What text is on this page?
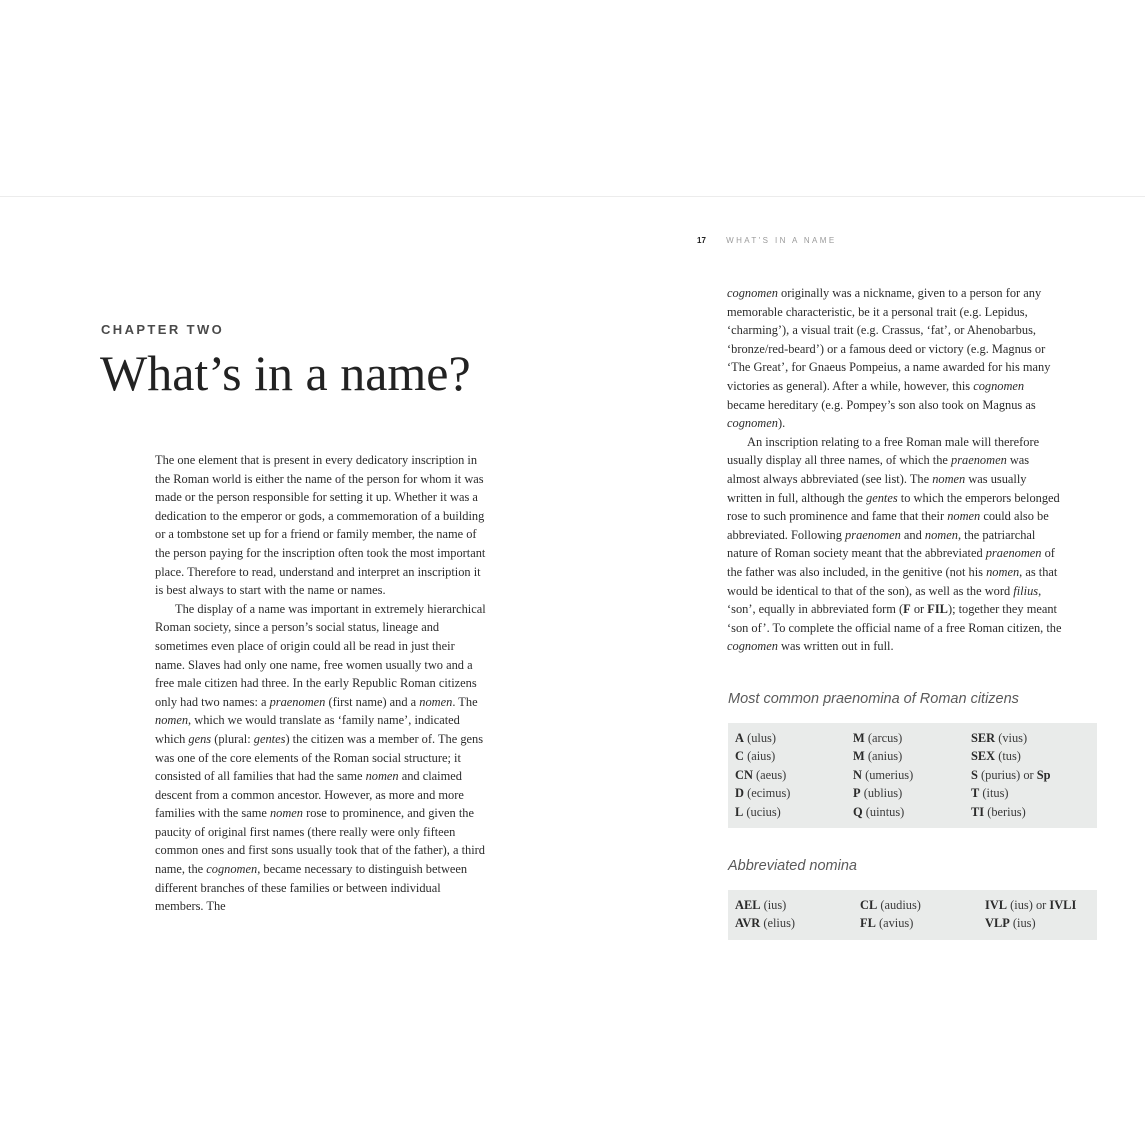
17	WHAT'S IN A NAME
CHAPTER TWO
What’s in a name?

The one element that is present in every dedicatory inscription in the Roman world is either the name of the person for whom it was made or the person responsible for setting it up. Whether it was a dedication to the emperor or gods, a commemoration of a building or a tombstone set up for a friend or family member, the name of the person paying for the inscription often took the most important place. Therefore to read, understand and interpret an inscription it is best always to start with the name or names.

The display of a name was important in extremely hierarchical Roman society, since a person’s social status, lineage and sometimes even place of origin could all be read in just their name. Slaves had only one name, free women usually two and a free male citizen had three. In the early Republic Roman citizens only had two names: a praenomen (first name) and a nomen. The nomen, which we would translate as ‘family name’, indicated which gens (plural: gentes) the citizen was a member of. The gens was one of the core elements of the Roman social structure; it consisted of all families that had the same nomen and claimed descent from a common ancestor. However, as more and more families with the same nomen rose to prominence, and given the paucity of original first names (there really were only fifteen common ones and first sons usually took that of the father), a third name, the cognomen, became necessary to distinguish between different branches of these families or between individual members. The

cognomen originally was a nickname, given to a person for any memorable characteristic, be it a personal trait (e.g. Lepidus, ‘charming’), a visual trait (e.g. Crassus, ‘fat’, or Ahenobarbus, ‘bronze/red-beard’) or a famous deed or victory (e.g. Magnus or ‘The Great’, for Gnaeus Pompeius, a name awarded for his many victories as general). After a while, however, this cognomen became hereditary (e.g. Pompey’s son also took on Magnus as cognomen).

An inscription relating to a free Roman male will therefore usually display all three names, of which the praenomen was almost always abbreviated (see list). The nomen was usually written in full, although the gentes to which the emperors belonged rose to such prominence and fame that their nomen could also be abbreviated. Following praenomen and nomen, the patriarchal nature of Roman society meant that the abbreviated praenomen of the father was also included, in the genitive (not his nomen, as that would be identical to that of the son), as well as the word filius, ‘son’, equally in abbreviated form (F or FIL); together they meant ‘son of’. To complete the official name of a free Roman citizen, the cognomen was written out in full.

Most common praenomina of Roman citizens
A (ulus)	M (arcus)	SER (vius)
C (aius)	M (anius)	SEX (tus)
CN (aeus)	N (umerius)	S (purius) or Sp
D (ecimus)	P (ublius)	T (itus)
L (ucius)	Q (uintus)	TI (berius)
Abbreviated nomina
AEL (ius)	CL (audius)	IVL (ius) or IVLI
AVR (elius)	FL (avius)	VLP (ius)
